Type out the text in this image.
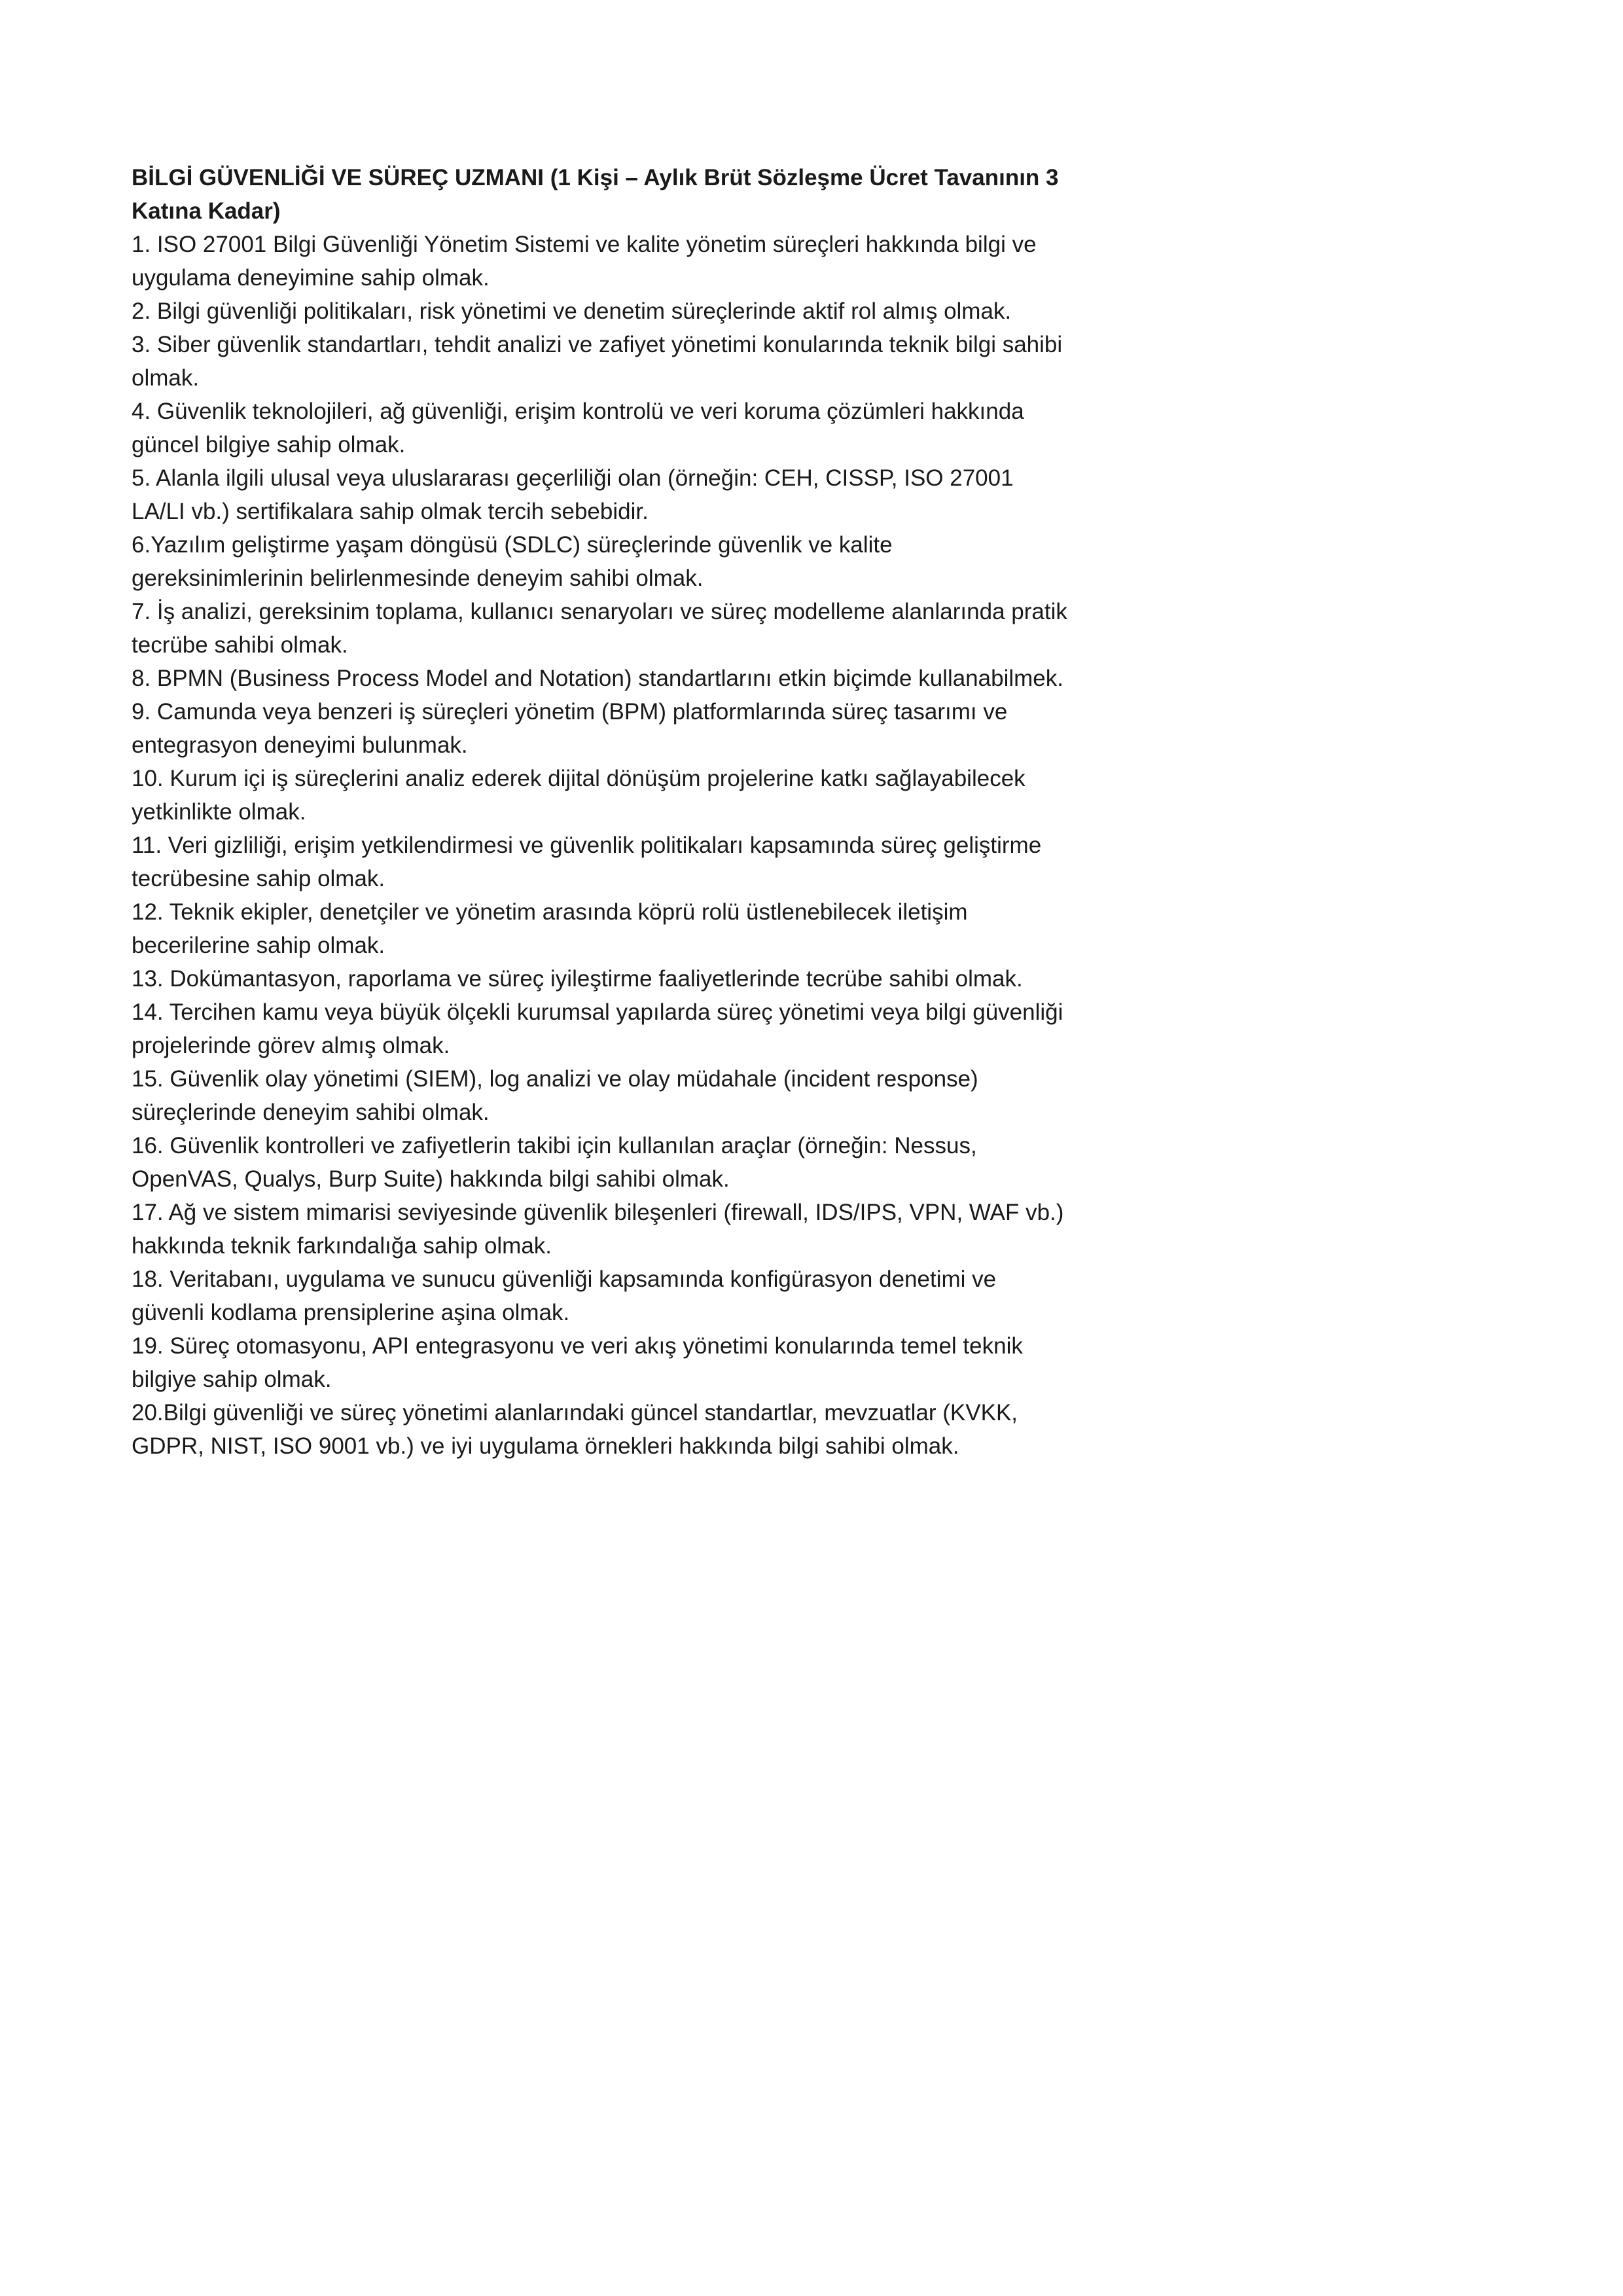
BİLGİ GÜVENLİĞİ VE SÜREÇ UZMANI (1 Kişi – Aylık Brüt Sözleşme Ücret Tavanının 3 Katına Kadar)

1. ISO 27001 Bilgi Güvenliği Yönetim Sistemi ve kalite yönetim süreçleri hakkında bilgi ve uygulama deneyimine sahip olmak.

2. Bilgi güvenliği politikaları, risk yönetimi ve denetim süreçlerinde aktif rol almış olmak.

3. Siber güvenlik standartları, tehdit analizi ve zafiyet yönetimi konularında teknik bilgi sahibi olmak.

4. Güvenlik teknolojileri, ağ güvenliği, erişim kontrolü ve veri koruma çözümleri hakkında güncel bilgiye sahip olmak.

5. Alanla ilgili ulusal veya uluslararası geçerliliği olan (örneğin: CEH, CISSP, ISO 27001 LA/LI vb.) sertifikalara sahip olmak tercih sebebidir.

6.Yazılım geliştirme yaşam döngüsü (SDLC) süreçlerinde güvenlik ve kalite gereksinimlerinin belirlenmesinde deneyim sahibi olmak.

7. İş analizi, gereksinim toplama, kullanıcı senaryoları ve süreç modelleme alanlarında pratik tecrübe sahibi olmak.

8. BPMN (Business Process Model and Notation) standartlarını etkin biçimde kullanabilmek.

9. Camunda veya benzeri iş süreçleri yönetim (BPM) platformlarında süreç tasarımı ve entegrasyon deneyimi bulunmak.

10. Kurum içi iş süreçlerini analiz ederek dijital dönüşüm projelerine katkı sağlayabilecek yetkinlikte olmak.

11. Veri gizliliği, erişim yetkilendirmesi ve güvenlik politikaları kapsamında süreç geliştirme tecrübesine sahip olmak.

12. Teknik ekipler, denetçiler ve yönetim arasında köprü rolü üstlenebilecek iletişim becerilerine sahip olmak.

13. Dokümantasyon, raporlama ve süreç iyileştirme faaliyetlerinde tecrübe sahibi olmak.

14. Tercihen kamu veya büyük ölçekli kurumsal yapılarda süreç yönetimi veya bilgi güvenliği projelerinde görev almış olmak.

15. Güvenlik olay yönetimi (SIEM), log analizi ve olay müdahale (incident response) süreçlerinde deneyim sahibi olmak.

16. Güvenlik kontrolleri ve zafiyetlerin takibi için kullanılan araçlar (örneğin: Nessus, OpenVAS, Qualys, Burp Suite) hakkında bilgi sahibi olmak.

17. Ağ ve sistem mimarisi seviyesinde güvenlik bileşenleri (firewall, IDS/IPS, VPN, WAF vb.) hakkında teknik farkındalığa sahip olmak.

18. Veritabanı, uygulama ve sunucu güvenliği kapsamında konfigürasyon denetimi ve güvenli kodlama prensiplerine aşina olmak.

19. Süreç otomasyonu, API entegrasyonu ve veri akış yönetimi konularında temel teknik bilgiye sahip olmak.

20.Bilgi güvenliği ve süreç yönetimi alanlarındaki güncel standartlar, mevzuatlar (KVKK, GDPR, NIST, ISO 9001 vb.) ve iyi uygulama örnekleri hakkında bilgi sahibi olmak.
